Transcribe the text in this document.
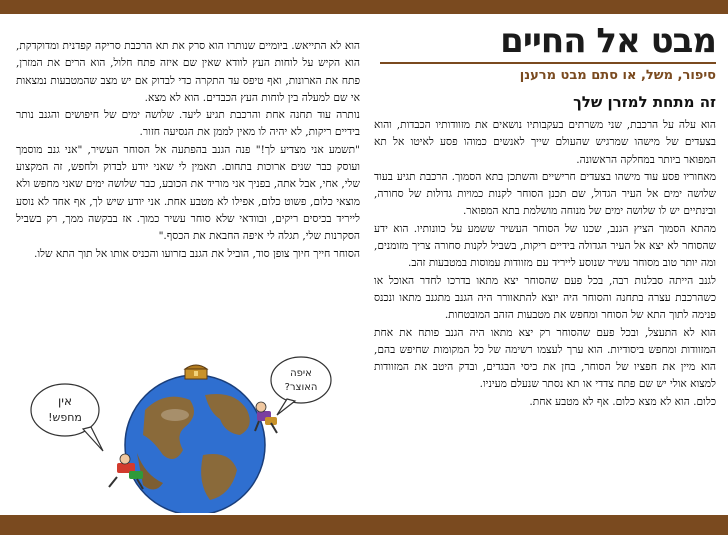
מבט אל החיים
סיפור, משל, או סתם מבט מרענן
זה מתחת למזרן שלך

הוא עלה על הרכבת, שני משרתים בעקבותיו נושאים את מזוודותיו הכבדות, והוא בצעדים של מישהו שמרגיש שהעולם שייך לאנשים כמוהו פסע לאיטו אל תא המפואר ביותר במחלקה הראשונה.

מאחוריו פסע עוד מישהו בצעדים חרישיים והשתכן בתא הסמוך. הרכבת תגיע בעוד שלושה ימים אל העיר הגדול, שם תכנן הסוחר לקנות כמויות גדולות של סחורה, ובינתיים יש לו שלושה ימים של מנוחה מושלמת בתא המפואר.

מהתא הסמוך הציץ הגנב, שכנו של הסוחר העשיר ששמע על כוונותיו. הוא ידע שהסוחר לא יצא אל העיר הגדולה בידיים ריקות, בשביל לקנות סחורה צריך מזומנים, ומה יותר טוב מסוחר עשיר שנוסע לייריד עם מזוודות עמוסות במטבעות זהב.

לגנב הייתה סבלנות רבה, בכל פעם שהסוחר יצא מתאו בדרכו לחדר האוכל או כשהרכבת עצרה בתחנה והסוחר היה יוצא להתאוורר היה הגנב מתגנב מתאו ונכנס פנימה לתוך התא של הסוחר ומחפש את מטבעות הזהב המובטחות.

הוא לא התעצל, ובכל פעם שהסוחר רק יצא מתאו היה הגנב פותח את אחת המזוודות ומחפש ביסודיות. הוא ערך לעצמו רשימה של כל המקומות שחיפש בהם, הוא מיין את חפציו של הסוחר, בחן את כיסי הבגדים, ובדק היטב את המזוודות למצוא אולי יש שם פתח צדדי או תא נסתר שנעלם מעיניו.

כלום. הוא לא מצא כלום. אף לא מטבע אחת.

הוא לא התייאש. ביומיים שנותרו הוא סרק את תא הרכבת סריקה קפדנית ומדוקדקת, הוא הקיש על לוחות העץ לוודא שאין שם איזה פתח חלול, הוא הרים את המזרן, פתח את הארונות, ואף טיפס עד התקרה כדי לבדוק אם יש מצב שהמטבעות נמצאות אי שם למעלה בין לוחות העץ הכבדים. הוא לא מצא.

נותרה עוד תחנה אחת והרכבת תגיע ליעד. שלושה ימים של חיפושים והגנב נותר בידיים ריקות, לא יהיה לו מאין לממן את הנסיעה חזור.

"תשמע אני מצדיע לך!" פנה הגנב בהפתעה אל הסוחר העשיר, "אני גנב מוסמך ועוסק כבר שנים ארוכות בתחום. תאמין לי שאני יודע לבדוק ולחפש, זה המקצוע שלי, אחי, אבל אתה, בפניך אני מוריד את הכובע, כבר שלושה ימים שאני מחפש ולא מוצאי כלום, פשוט כלום, אפילו לא מטבע אחת. אני יודע שיש לך, אף אחד לא נוסע לייריד בכיסים ריקים, ובוודאי שלא סוחר עשיר כמוך. אז בבקשה ממך, רק בשביל הסקרנות שלי, תגלה לי איפה החבאת את הכסף."

הסוחר חייך חיוך צופן סוד, הוביל את הגנב בזרועו והכניס אותו אל תוך התא שלו.

אין
מחפש!
איפה
האוצר?
